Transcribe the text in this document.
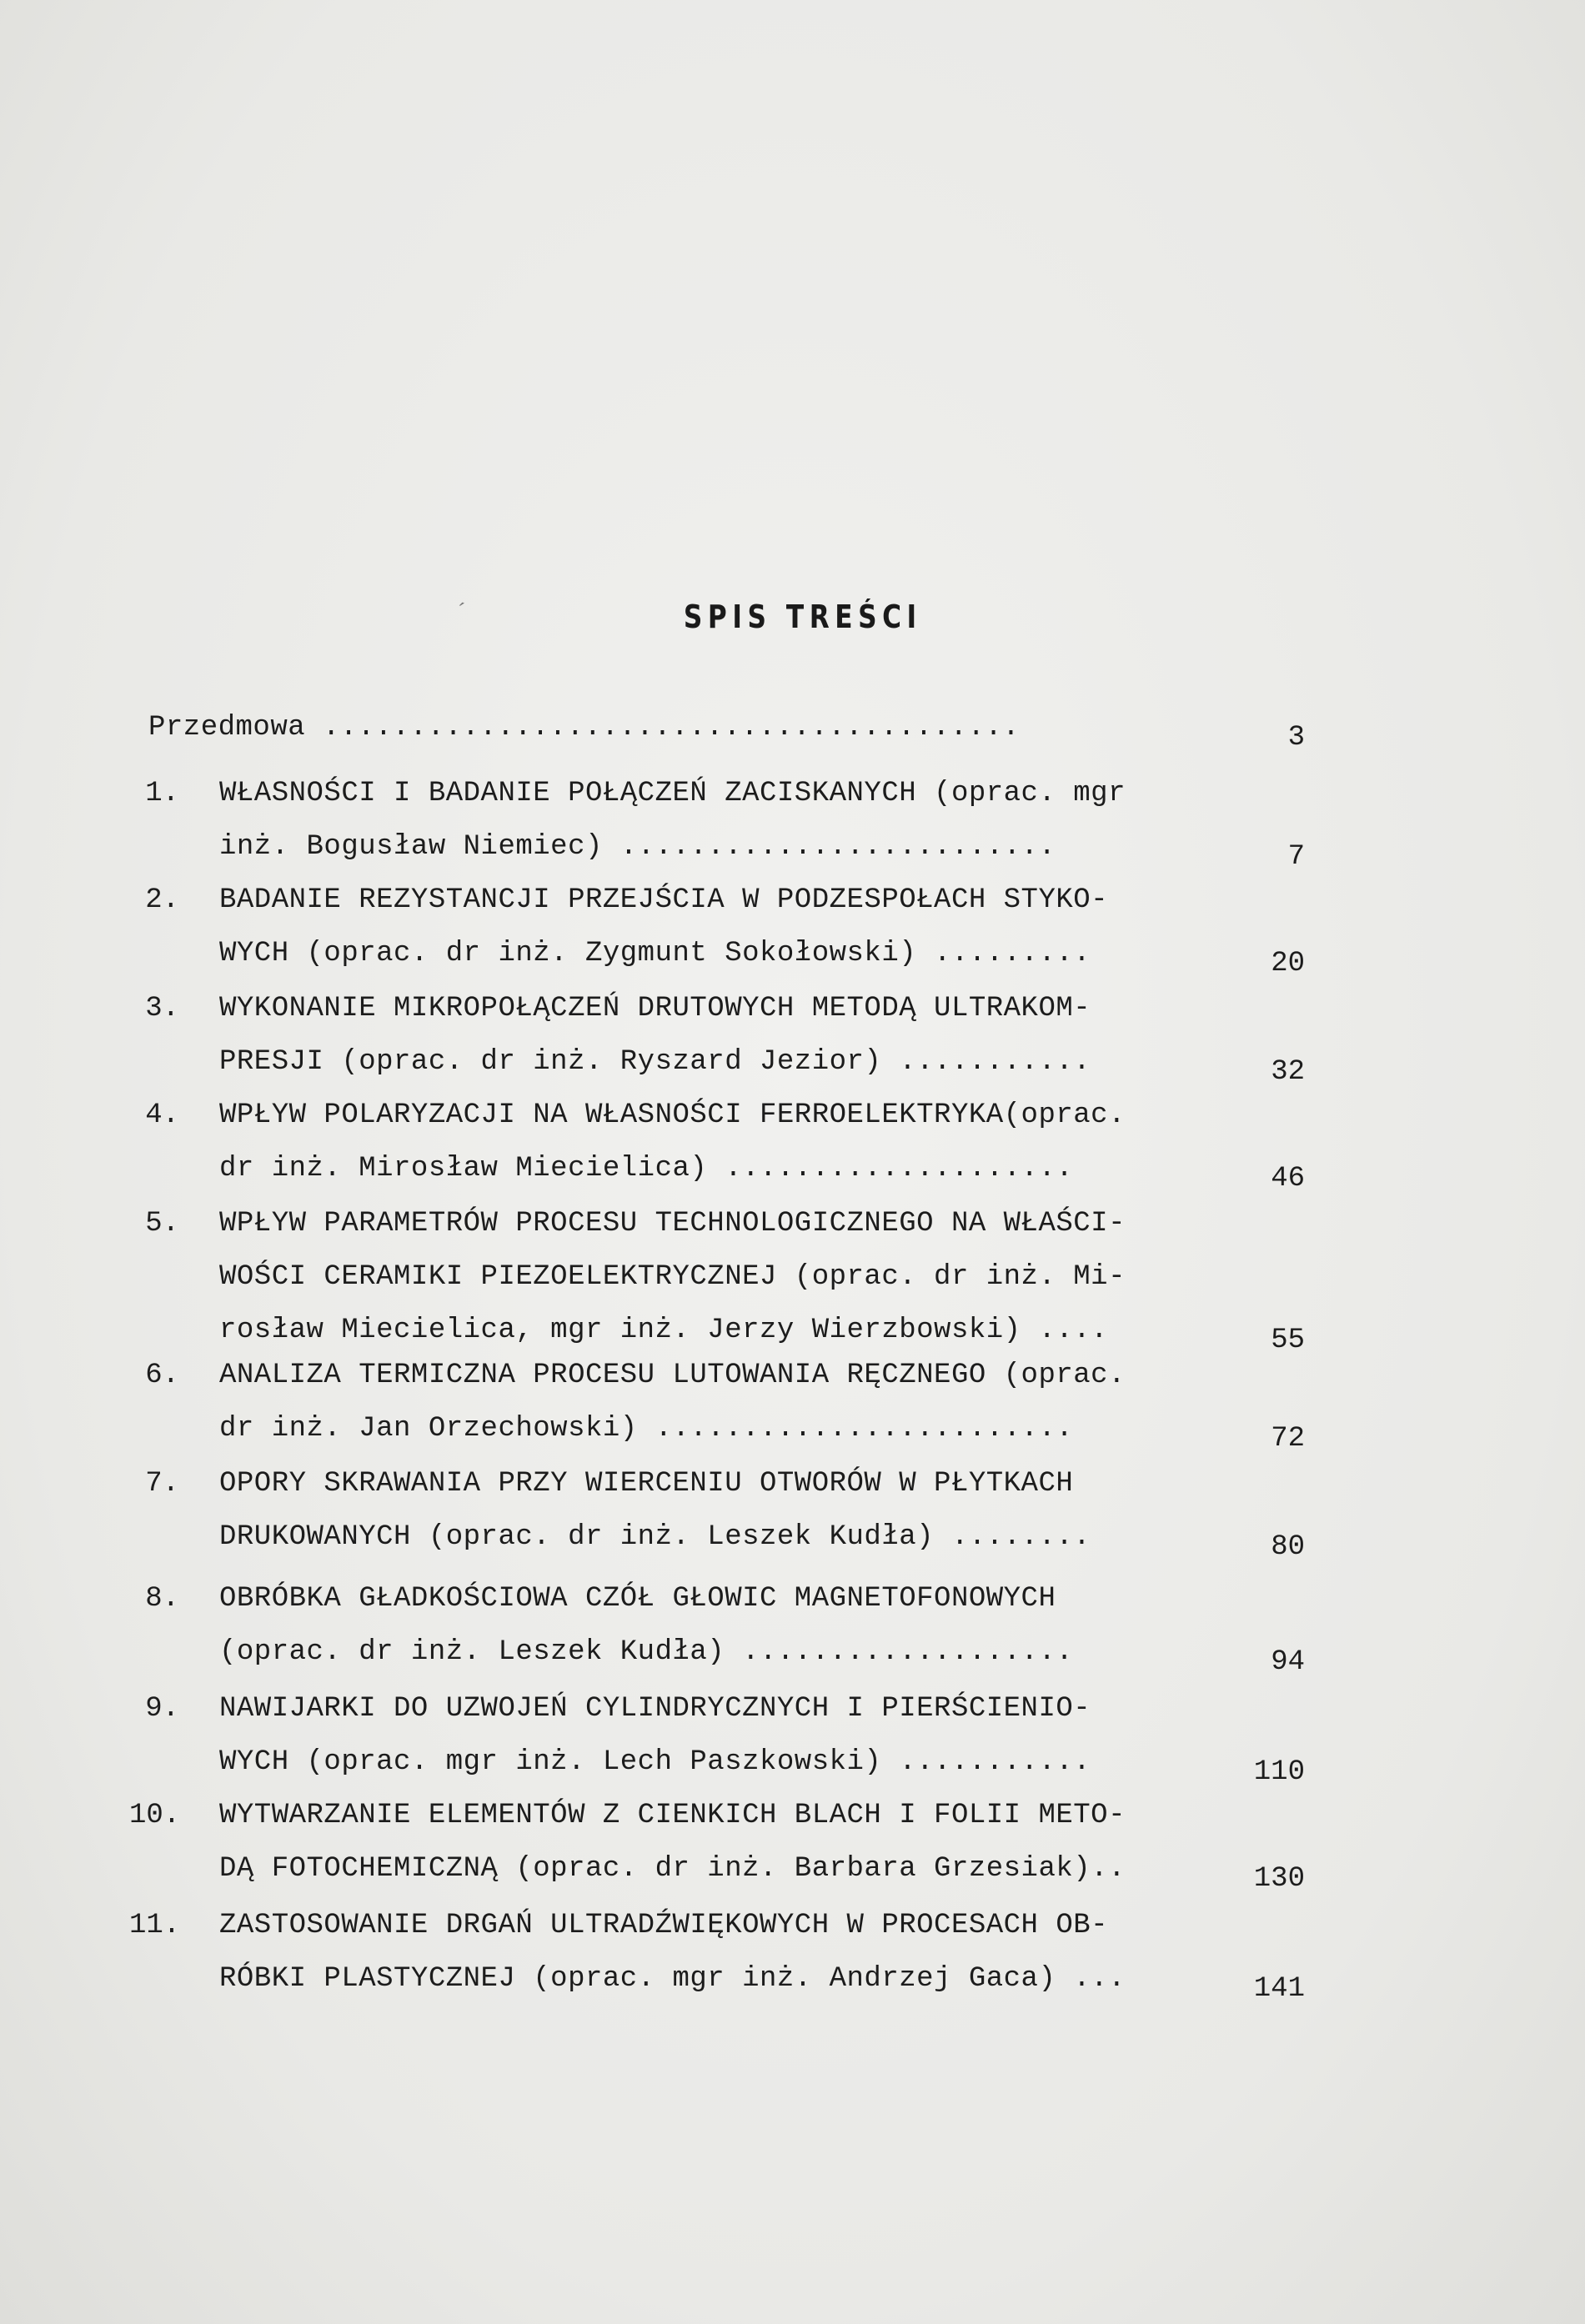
′	SPIS TREŚCI
Przedmowa ........................................	3
1. WŁASNOŚCI I BADANIE POŁĄCZEŃ ZACISKANYCH (oprac. mgr
inż. Bogusław Niemiec) .........................	7
2. BADANIE REZYSTANCJI PRZEJŚCIA W PODZESPOŁACH STYKO-
WYCH (oprac. dr inż. Zygmunt Sokołowski) .........	20
3. WYKONANIE MIKROPOŁĄCZEŃ DRUTOWYCH METODĄ ULTRAKOM-
PRESJI (oprac. dr inż. Ryszard Jezior) ...........	32
4. WPŁYW POLARYZACJI NA WŁASNOŚCI FERROELEKTRYKA(oprac.
dr inż. Mirosław Miecielica) ....................	46
5. WPŁYW PARAMETRÓW PROCESU TECHNOLOGICZNEGO NA WŁAŚCI-
WOŚCI CERAMIKI PIEZOELEKTRYCZNEJ (oprac. dr inż. Mi-
rosław Miecielica, mgr inż. Jerzy Wierzbowski) ....	55
6. ANALIZA TERMICZNA PROCESU LUTOWANIA RĘCZNEGO (oprac.
dr inż. Jan Orzechowski) ........................	72
7. OPORY SKRAWANIA PRZY WIERCENIU OTWORÓW W PŁYTKACH
DRUKOWANYCH (oprac. dr inż. Leszek Kudła) ........	80
8. OBRÓBKA GŁADKOŚCIOWA CZÓŁ GŁOWIC MAGNETOFONOWYCH
(oprac. dr inż. Leszek Kudła) ...................	94
9. NAWIJARKI DO UZWOJEŃ CYLINDRYCZNYCH I PIERŚCIENIO-
WYCH (oprac. mgr inż. Lech Paszkowski) ...........	110
10. WYTWARZANIE ELEMENTÓW Z CIENKICH BLACH I FOLII METO-
DĄ FOTOCHEMICZNĄ (oprac. dr inż. Barbara Grzesiak)..	130
11. ZASTOSOWANIE DRGAŃ ULTRADŹWIĘKOWYCH W PROCESACH OB-
RÓBKI PLASTYCZNEJ (oprac. mgr inż. Andrzej Gaca) ...	141
